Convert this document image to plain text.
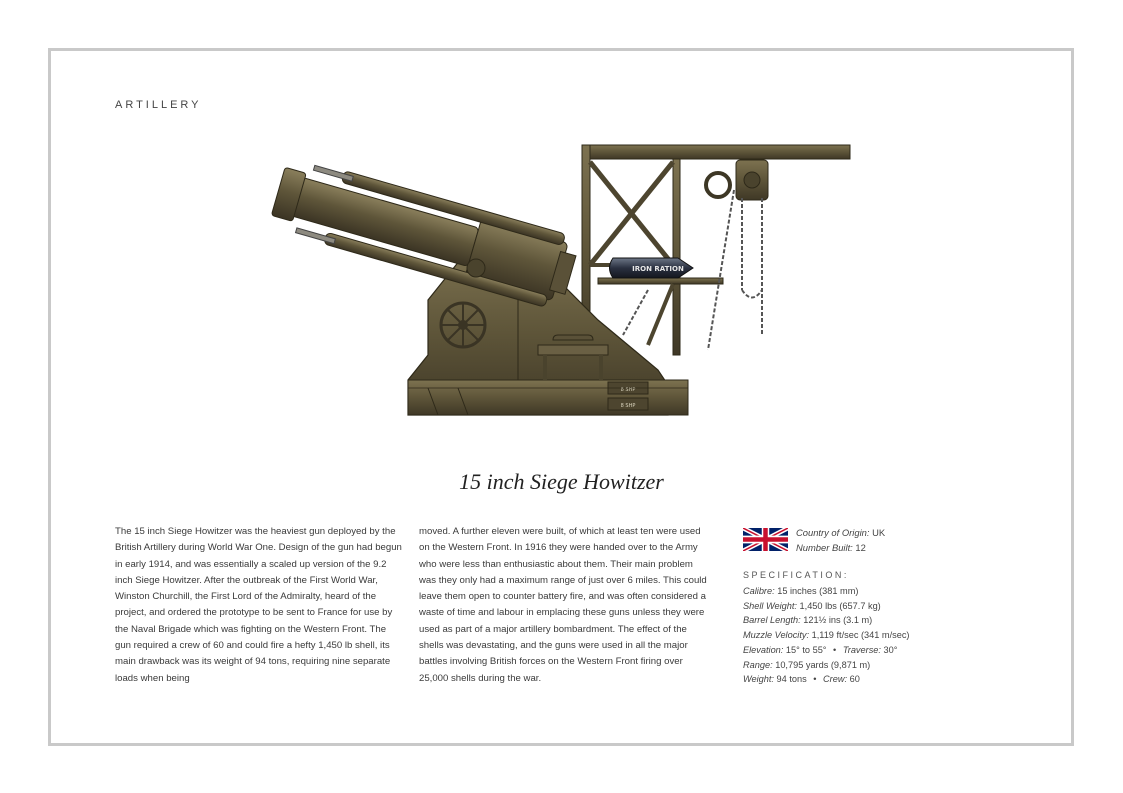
ARTILLERY
IRON RATION
8 SHP
8 SHP
15 inch Siege Howitzer
The 15 inch Siege Howitzer was the heaviest gun deployed by the British Artillery during World War One. Design of the gun had begun in early 1914, and was essentially a scaled up version of the 9.2 inch Siege Howitzer. After the outbreak of the First World War, Winston Churchill, the First Lord of the Admiralty, heard of the project, and ordered the prototype to be sent to France for use by the Naval Brigade which was fighting on the Western Front. The gun required a crew of 60 and could fire a hefty 1,450 lb shell, its main drawback was its weight of 94 tons, requiring nine separate loads when being
moved. A further eleven were built, of which at least ten were used on the Western Front. In 1916 they were handed over to the Army who were less than enthusiastic about them. Their main problem was they only had a maximum range of just over 6 miles. This could leave them open to counter battery fire, and was often considered a waste of time and labour in emplacing these guns unless they were used as part of a major artillery bombardment. The effect of the shells was devastating, and the guns were used in all the major battles involving British forces on the Western Front firing over 25,000 shells during the war.
Country of Origin: UK
Number Built: 12
SPECIFICATION:
Calibre: 15 inches (381 mm)
Shell Weight: 1,450 lbs (657.7 kg)
Barrel Length: 121½ ins (3.1 m)
Muzzle Velocity: 1,119 ft/sec (341 m/sec)
Elevation: 15° to 55° • Traverse: 30°
Range: 10,795 yards (9,871 m)
Weight: 94 tons • Crew: 60
